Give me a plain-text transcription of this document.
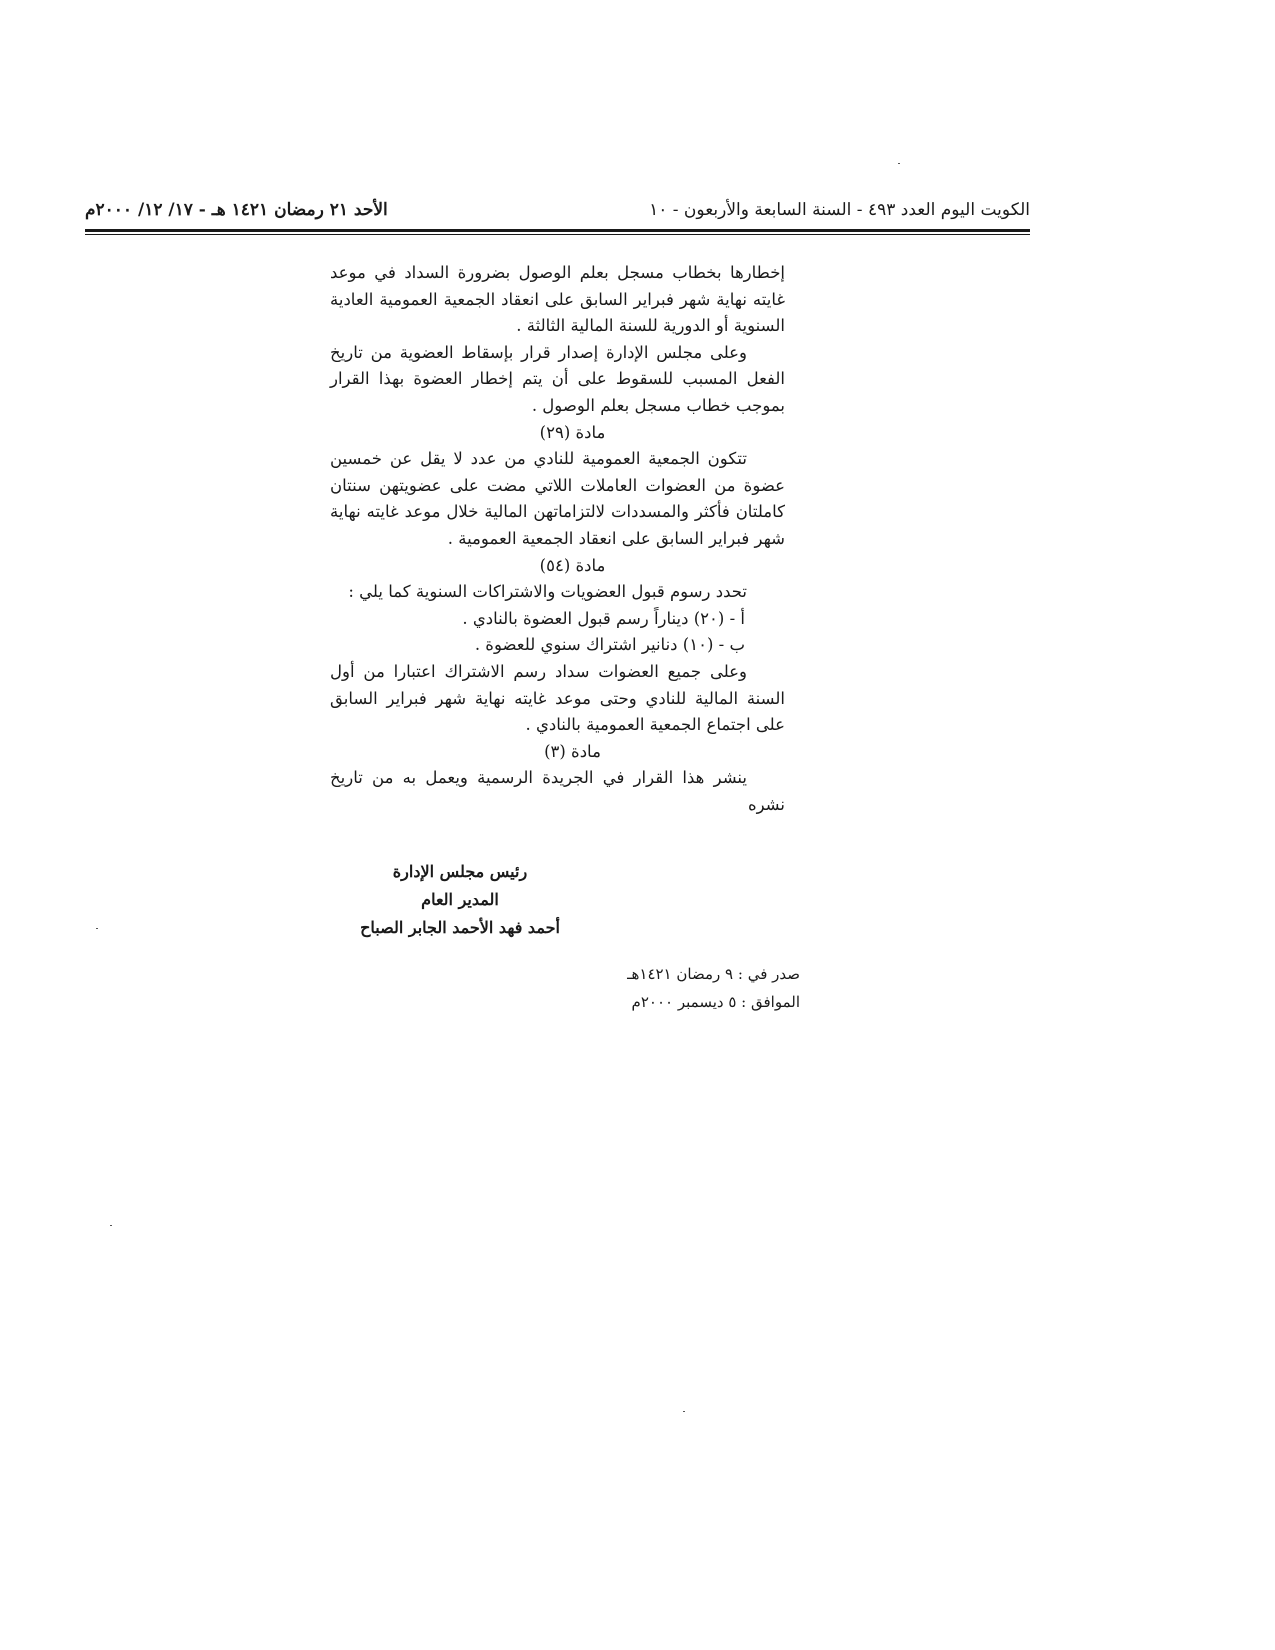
الأحد ٢١ رمضان ١٤٢١ هـ - ١٧/ ١٢/ ٢٠٠٠م	الكويت اليوم العدد ٤٩٣ - السنة السابعة والأربعون - ١٠

إخطارها بخطاب مسجل بعلم الوصول بضرورة السداد في موعد غايته نهاية شهر فبراير السابق على انعقاد الجمعية العمومية العادية السنوية أو الدورية للسنة المالية الثالثة .

وعلى مجلس الإدارة إصدار قرار بإسقاط العضوية من تاريخ الفعل المسبب للسقوط على أن يتم إخطار العضوة بهذا القرار بموجب خطاب مسجل بعلم الوصول .

مادة (٢٩)

تتكون الجمعية العمومية للنادي من عدد لا يقل عن خمسين عضوة من العضوات العاملات اللاتي مضت على عضويتهن سنتان كاملتان فأكثر والمسددات لالتزاماتهن المالية خلال موعد غايته نهاية شهر فبراير السابق على انعقاد الجمعية العمومية .

مادة (٥٤)

تحدد رسوم قبول العضويات والاشتراكات السنوية كما يلي :

أ - (٢٠) ديناراً رسم قبول العضوة بالنادي .

ب - (١٠) دنانير اشتراك سنوي للعضوة .

وعلى جميع العضوات سداد رسم الاشتراك اعتبارا من أول السنة المالية للنادي وحتى موعد غايته نهاية شهر فبراير السابق على اجتماع الجمعية العمومية بالنادي .

مادة (٣)

ينشر هذا القرار في الجريدة الرسمية ويعمل به من تاريخ نشره

رئيس مجلس الإدارة

المدير العام

أحمد فهد الأحمد الجابر الصباح

صدر في : ٩ رمضان ١٤٢١هـ

الموافق : ٥ ديسمبر ٢٠٠٠م
